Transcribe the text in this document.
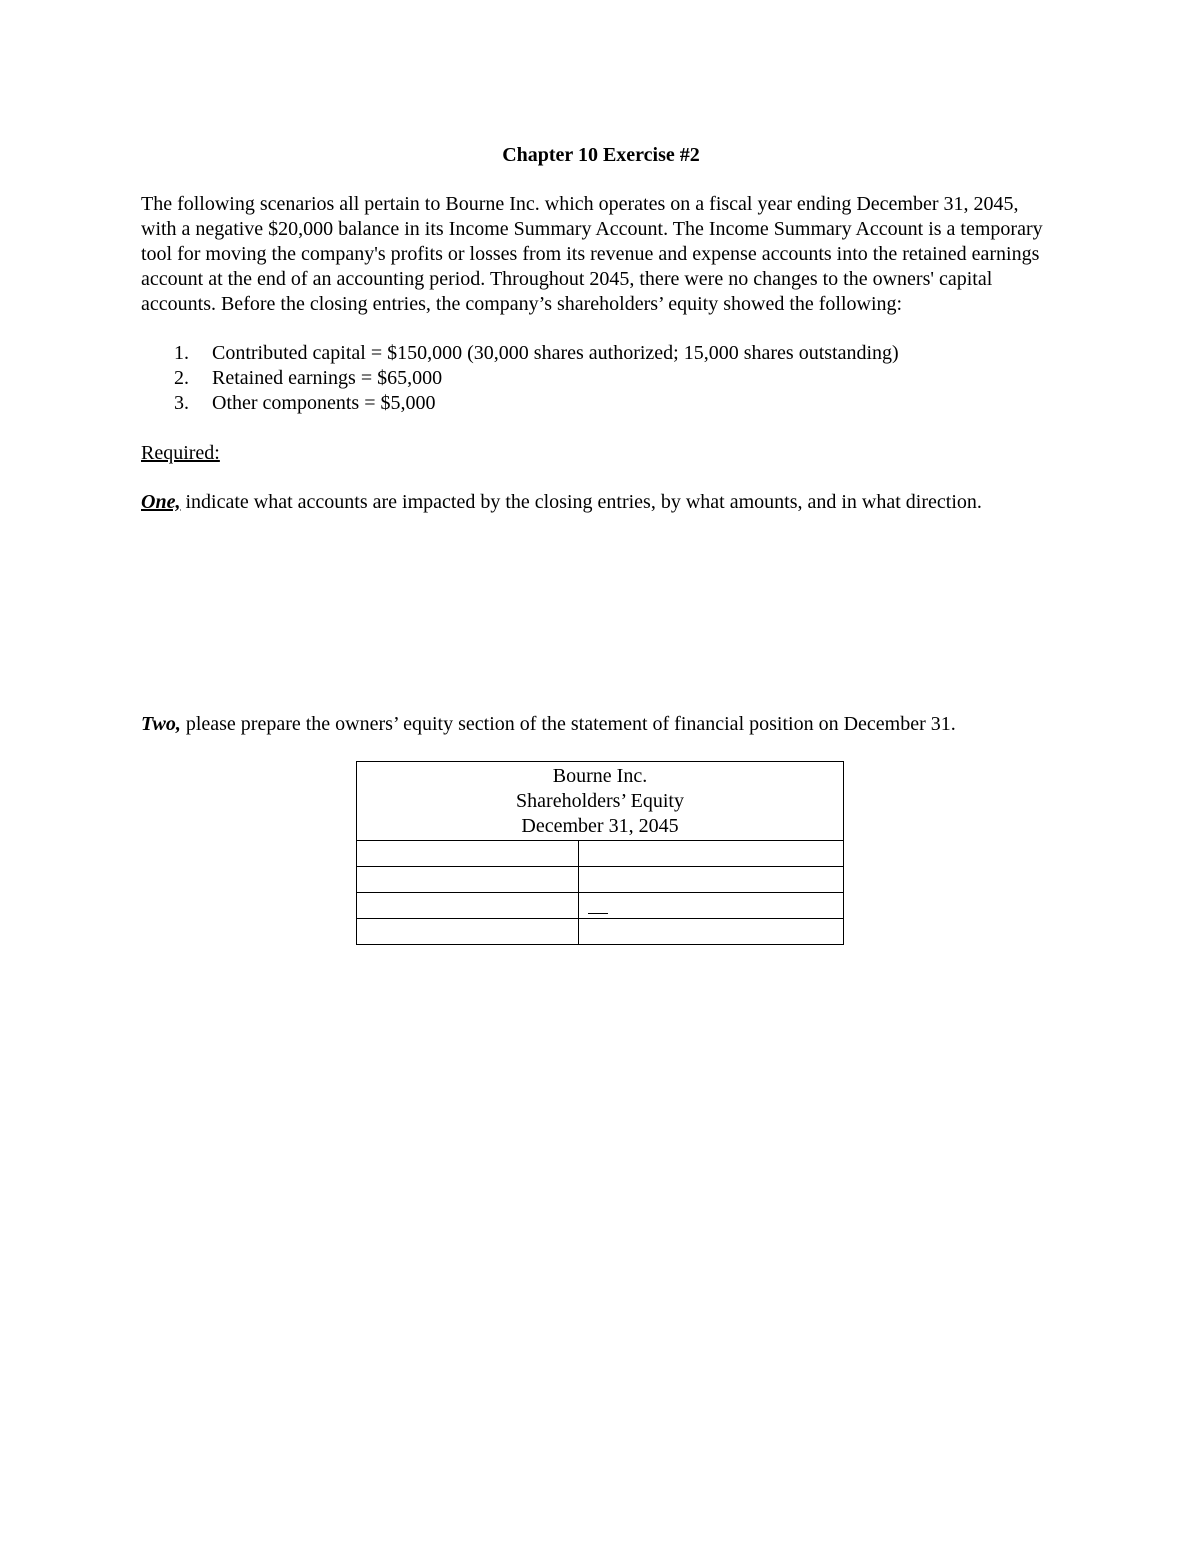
Chapter 10 Exercise #2

The following scenarios all pertain to Bourne Inc. which operates on a fiscal year ending December 31, 2045, with a negative $20,000 balance in its Income Summary Account. The Income Summary Account is a temporary tool for moving the company's profits or losses from its revenue and expense accounts into the retained earnings account at the end of an accounting period. Throughout 2045, there were no changes to the owners' capital accounts. Before the closing entries, the company’s shareholders’ equity showed the following:

1.	Contributed capital = $150,000 (30,000 shares authorized; 15,000 shares outstanding)
2.	Retained earnings = $65,000
3.	Other components = $5,000

Required:

One, indicate what accounts are impacted by the closing entries, by what amounts, and in what direction.

Two, please prepare the owners’ equity section of the statement of financial position on December 31.

Bourne Inc.
Shareholders’ Equity
December 31, 2045	
